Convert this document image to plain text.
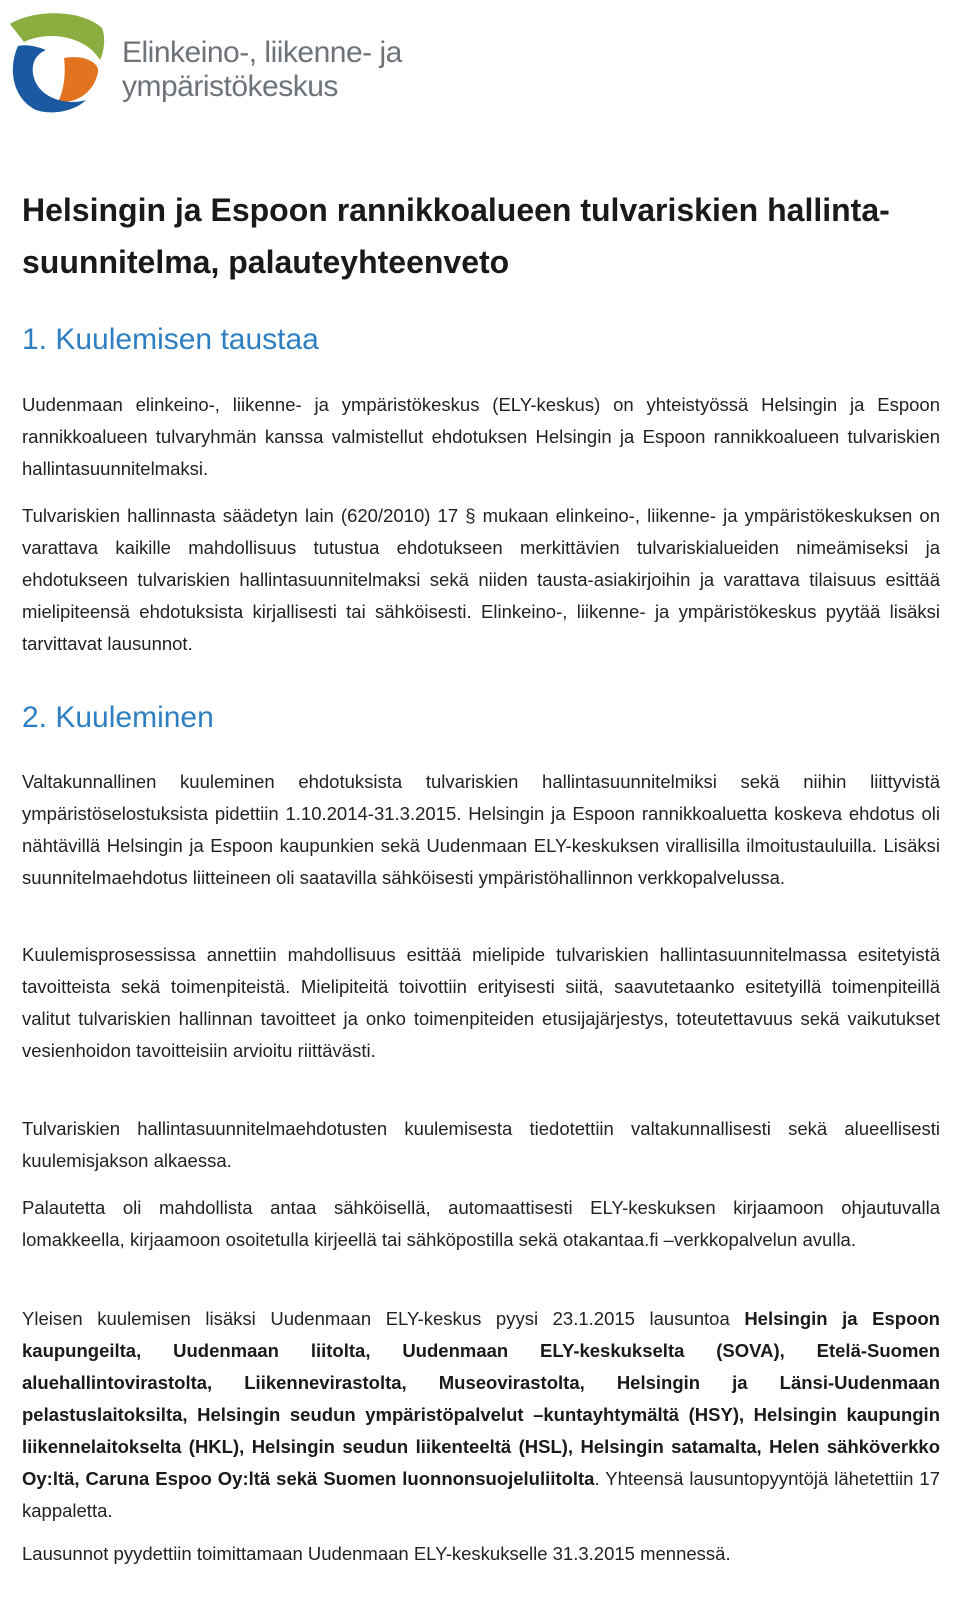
Elinkeino-, liikenne- ja
ympäristökeskus
Helsingin ja Espoon rannikkoalueen tulvariskien hallinta-
suunnitelma, palauteyhteenveto
1. Kuulemisen taustaa

Uudenmaan elinkeino-, liikenne- ja ympäristökeskus (ELY-keskus) on yhteistyössä Helsingin ja Espoon rannikkoalueen tulvaryhmän kanssa valmistellut ehdotuksen Helsingin ja Espoon rannikkoalueen tulvariskien hallintasuunnitelmaksi.

Tulvariskien hallinnasta säädetyn lain (620/2010) 17 § mukaan elinkeino-, liikenne- ja ympäristökeskuksen on varattava kaikille mahdollisuus tutustua ehdotukseen merkittävien tulvariskialueiden nimeämiseksi ja ehdotukseen tulvariskien hallintasuunnitelmaksi sekä niiden tausta-asiakirjoihin ja varattava tilaisuus esittää mielipiteensä ehdotuksista kirjallisesti tai sähköisesti. Elinkeino-, liikenne- ja ympäristökeskus pyytää lisäksi tarvittavat lausunnot.

2. Kuuleminen

Valtakunnallinen kuuleminen ehdotuksista tulvariskien hallintasuunnitelmiksi sekä niihin liittyvistä ympäristöselostuksista pidettiin 1.10.2014-31.3.2015. Helsingin ja Espoon rannikkoaluetta koskeva ehdotus oli nähtävillä Helsingin ja Espoon kaupunkien sekä Uudenmaan ELY-keskuksen virallisilla ilmoitustauluilla. Lisäksi suunnitelmaehdotus liitteineen oli saatavilla sähköisesti ympäristöhallinnon verkkopalvelussa.

Kuulemisprosessissa annettiin mahdollisuus esittää mielipide tulvariskien hallintasuunnitelmassa esitetyistä tavoitteista sekä toimenpiteistä. Mielipiteitä toivottiin erityisesti siitä, saavutetaanko esitetyillä toimenpiteillä valitut tulvariskien hallinnan tavoitteet ja onko toimenpiteiden etusijajärjestys, toteutettavuus sekä vaikutukset vesienhoidon tavoitteisiin arvioitu riittävästi.

Tulvariskien hallintasuunnitelmaehdotusten kuulemisesta tiedotettiin valtakunnallisesti sekä alueellisesti kuulemisjakson alkaessa.

Palautetta oli mahdollista antaa sähköisellä, automaattisesti ELY-keskuksen kirjaamoon ohjautuvalla lomakkeella, kirjaamoon osoitetulla kirjeellä tai sähköpostilla sekä otakantaa.fi –verkkopalvelun avulla.

Yleisen kuulemisen lisäksi Uudenmaan ELY-keskus pyysi 23.1.2015 lausuntoa Helsingin ja Espoon kaupungeilta, Uudenmaan liitolta, Uudenmaan ELY-keskukselta (SOVA), Etelä-Suomen aluehallintovirastolta, Liikennevirastolta, Museovirastolta, Helsingin ja Länsi-Uudenmaan pelastuslaitoksilta, Helsingin seudun ympäristöpalvelut –kuntayhtymältä (HSY), Helsingin kaupungin liikennelaitokselta (HKL), Helsingin seudun liikenteeltä (HSL), Helsingin satamalta, Helen sähköverkko Oy:ltä, Caruna Espoo Oy:ltä sekä Suomen luonnonsuojeluliitolta. Yhteensä lausuntopyyntöjä lähetettiin 17 kappaletta.

Lausunnot pyydettiin toimittamaan Uudenmaan ELY-keskukselle 31.3.2015 mennessä.
